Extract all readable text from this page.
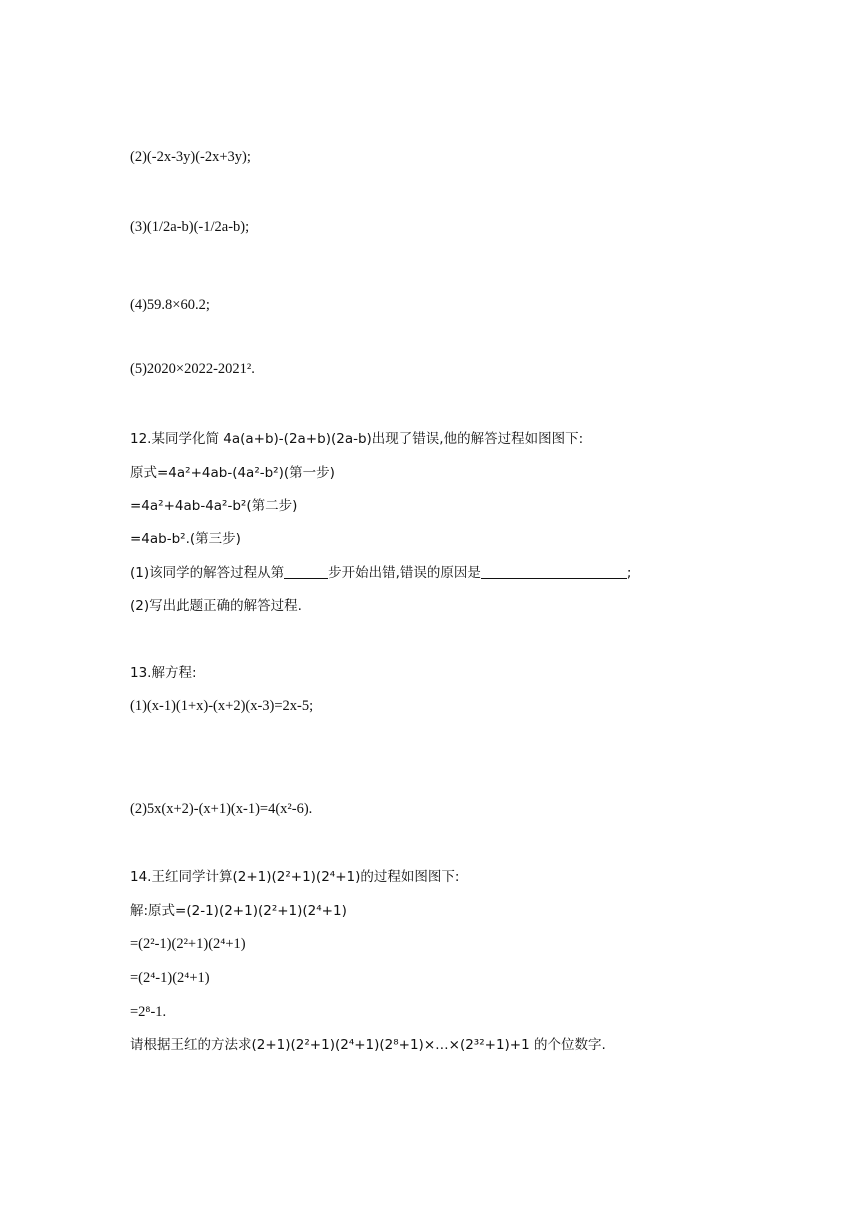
(2)(-2x-3y)(-2x+3y);
(3)(1/2a-b)(-1/2a-b);
(4)59.8×60.2;
(5)2020×2022-2021².
12.某同学化简 4a(a+b)-(2a+b)(2a-b)出现了错误,他的解答过程如图图下:
原式=4a²+4ab-(4a²-b²)(第一步)
=4a²+4ab-4a²-b²(第二步)
=4ab-b².(第三步)
(1)该同学的解答过程从第	步开始出错,错误的原因是	;
(2)写出此题正确的解答过程.
13.解方程:
(1)(x-1)(1+x)-(x+2)(x-3)=2x-5;
(2)5x(x+2)-(x+1)(x-1)=4(x²-6).
14.王红同学计算(2+1)(2²+1)(2⁴+1)的过程如图图下:
解:原式=(2-1)(2+1)(2²+1)(2⁴+1)
=(2²-1)(2²+1)(2⁴+1)
=(2⁴-1)(2⁴+1)
=2⁸-1.
请根据王红的方法求(2+1)(2²+1)(2⁴+1)(2⁸+1)×…×(2³²+1)+1 的个位数字.
